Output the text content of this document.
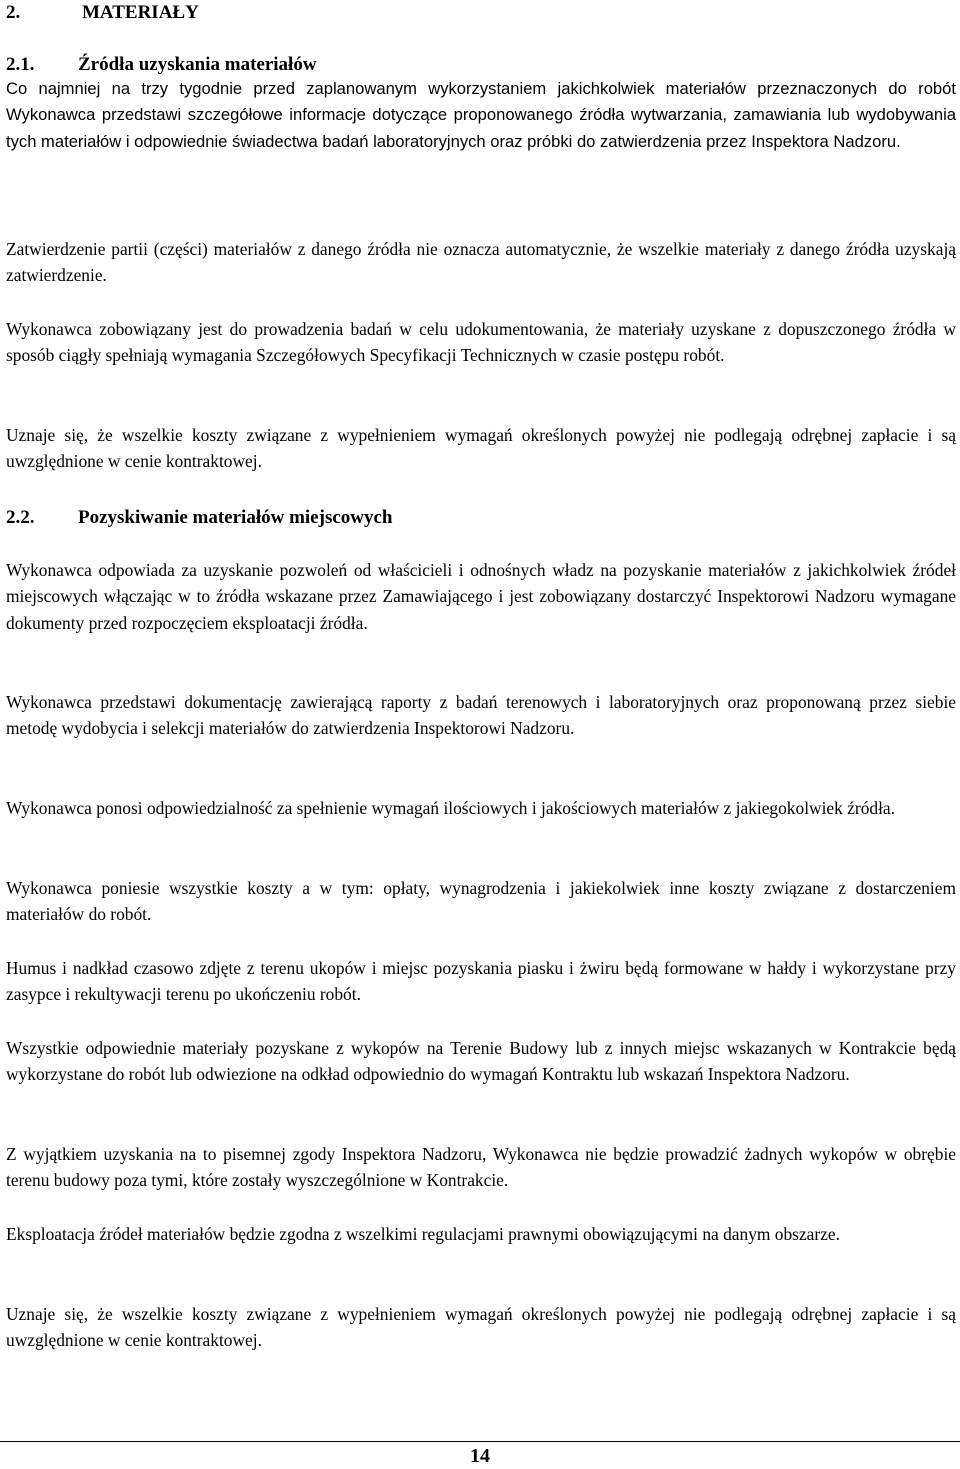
2.	MATERIAŁY
2.1. Źródła uzyskania materiałów

Co najmniej na trzy tygodnie przed zaplanowanym wykorzystaniem jakichkolwiek materiałów przeznaczonych do robót Wykonawca przedstawi szczegółowe informacje dotyczące proponowanego źródła wytwarzania, zamawiania lub wydobywania tych materiałów i odpowiednie świadectwa badań laboratoryjnych oraz próbki do zatwierdzenia przez Inspektora Nadzoru.

Zatwierdzenie partii (części) materiałów z danego źródła nie oznacza automatycznie, że wszelkie materiały z danego źródła uzyskają zatwierdzenie.

Wykonawca zobowiązany jest do prowadzenia badań w celu udokumentowania, że materiały uzyskane z dopuszczonego źródła w sposób ciągły spełniają wymagania Szczegółowych Specyfikacji Technicznych w czasie postępu robót.

Uznaje się, że wszelkie koszty związane z wypełnieniem wymagań określonych powyżej nie podlegają odrębnej zapłacie i są uwzględnione w cenie kontraktowej.

2.2. Pozyskiwanie materiałów miejscowych

Wykonawca odpowiada za uzyskanie pozwoleń od właścicieli i odnośnych władz na pozyskanie materiałów z jakichkolwiek źródeł miejscowych włączając w to źródła wskazane przez Zamawiającego i jest zobowiązany dostarczyć Inspektorowi Nadzoru wymagane dokumenty przed rozpoczęciem eksploatacji źródła.

Wykonawca przedstawi dokumentację zawierającą raporty z badań terenowych i laboratoryjnych oraz proponowaną przez siebie metodę wydobycia i selekcji materiałów do zatwierdzenia Inspektorowi Nadzoru.

Wykonawca ponosi odpowiedzialność za spełnienie wymagań ilościowych i jakościowych materiałów z jakiegokolwiek źródła.

Wykonawca poniesie wszystkie koszty a w tym: opłaty, wynagrodzenia i jakiekolwiek inne koszty związane z dostarczeniem materiałów do robót.

Humus i nadkład czasowo zdjęte z terenu ukopów i miejsc pozyskania piasku i żwiru będą formowane w hałdy i wykorzystane przy zasypce i rekultywacji terenu po ukończeniu robót.

Wszystkie odpowiednie materiały pozyskane z wykopów na Terenie Budowy lub z innych miejsc wskazanych w Kontrakcie będą wykorzystane do robót lub odwiezione na odkład odpowiednio do wymagań Kontraktu lub wskazań Inspektora Nadzoru.

Z wyjątkiem uzyskania na to pisemnej zgody Inspektora Nadzoru, Wykonawca nie będzie prowadzić żadnych wykopów w obrębie terenu budowy poza tymi, które zostały wyszczególnione w Kontrakcie.

Eksploatacja źródeł materiałów będzie zgodna z wszelkimi regulacjami prawnymi obowiązującymi na danym obszarze.

Uznaje się, że wszelkie koszty związane z wypełnieniem wymagań określonych powyżej nie podlegają odrębnej zapłacie i są uwzględnione w cenie kontraktowej.

14
